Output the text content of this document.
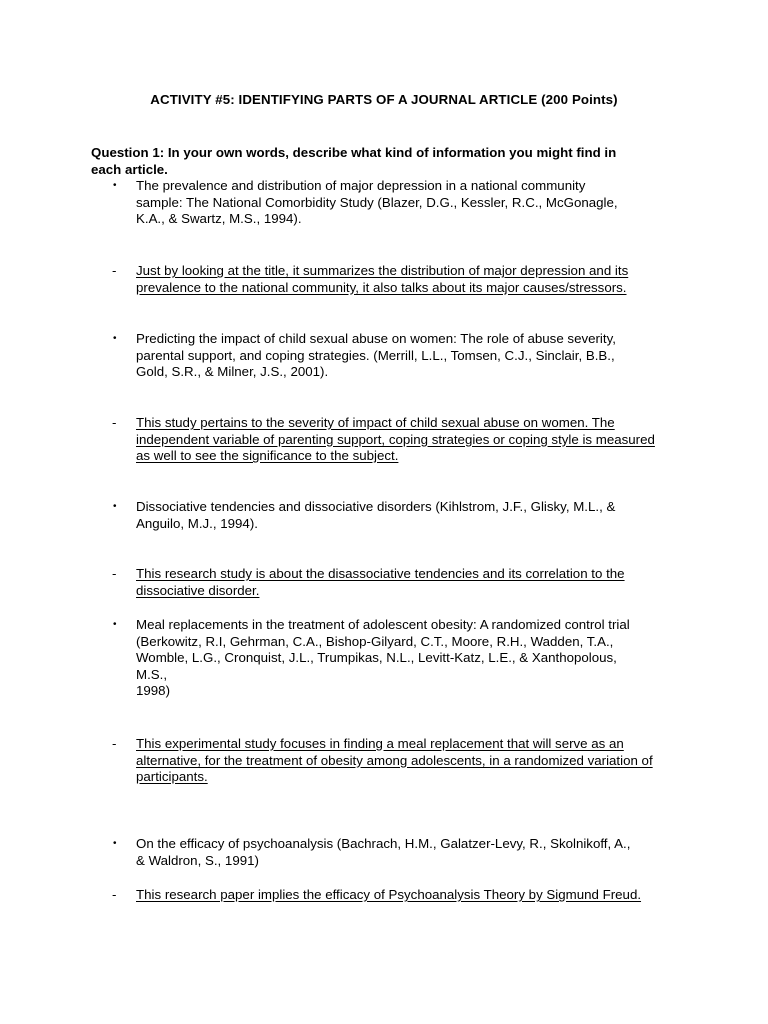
ACTIVITY #5: IDENTIFYING PARTS OF A JOURNAL ARTICLE (200 Points)
Question 1: In your own words, describe what kind of information you might find in
each article.
•	The prevalence and distribution of major depression in a national community
sample: The National Comorbidity Study (Blazer, D.G., Kessler, R.C., McGonagle,
K.A., & Swartz, M.S., 1994).
-	Just by looking at the title, it summarizes the distribution of major depression and its
prevalence to the national community, it also talks about its major causes/stressors.
•	Predicting the impact of child sexual abuse on women: The role of abuse severity,
parental support, and coping strategies. (Merrill, L.L., Tomsen, C.J., Sinclair, B.B.,
Gold, S.R., & Milner, J.S., 2001).
-	This study pertains to the severity of impact of child sexual abuse on women. The
independent variable of parenting support, coping strategies or coping style is measured
as well to see the significance to the subject.
•	Dissociative tendencies and dissociative disorders (Kihlstrom, J.F., Glisky, M.L., &
Anguilo, M.J., 1994).
-	This research study is about the disassociative tendencies and its correlation to the
dissociative disorder.
•	Meal replacements in the treatment of adolescent obesity: A randomized control trial
(Berkowitz, R.I, Gehrman, C.A., Bishop-Gilyard, C.T., Moore, R.H., Wadden, T.A.,
Womble, L.G., Cronquist, J.L., Trumpikas, N.L., Levitt-Katz, L.E., & Xanthopolous,
M.S.,
1998)
-	This experimental study focuses in finding a meal replacement that will serve as an
alternative, for the treatment of obesity among adolescents, in a randomized variation of
participants.
•	On the efficacy of psychoanalysis (Bachrach, H.M., Galatzer-Levy, R., Skolnikoff, A.,
& Waldron, S., 1991)
-	This research paper implies the efficacy of Psychoanalysis Theory by Sigmund Freud.
